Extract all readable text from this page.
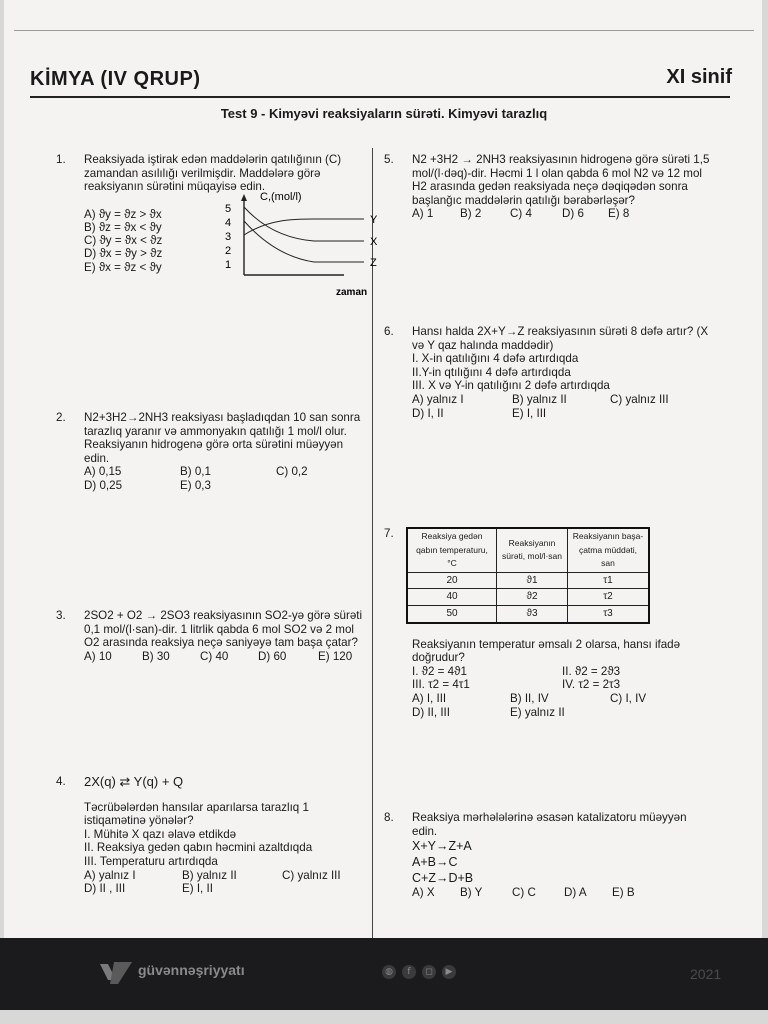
KİMYA (IV QRUP)	XI sinif
Test 9 - Kimyəvi reaksiyaların sürəti. Kimyəvi tarazlıq
1. Reaksiyada iştirak edən maddələrin qatılığının (C) zamandan asılılığı verilmişdir. Maddələrə görə reaksiyanın sürətini müqayisə edin.
A) ϑy = ϑz > ϑx
B) ϑz = ϑx < ϑy
C) ϑy = ϑx < ϑz
D) ϑx = ϑy > ϑz
E) ϑx = ϑz < ϑy
C,(mol/l)
5
4
3
2
1
Y
X
Z
zaman
2. N2+3H2→2NH3 reaksiyası başladıqdan 10 san sonra tarazlıq yaranır və ammonyakın qatılığı 1 mol/l olur. Reaksiyanın hidrogenə görə orta sürətini müəyyən edin.
A) 0,15	B) 0,1	C) 0,2
D) 0,25	E) 0,3
3. 2SO2 + O2 → 2SO3 reaksiyasının SO2-yə görə sürəti 0,1 mol/(l·san)-dir. 1 litrlik qabda 6 mol SO2 və 2 mol O2 arasında reaksiya neçə saniyəyə tam başa çatar?
A) 10	B) 30	C) 40	D) 60	E) 120
4. 2X(q) ⇄ Y(q) + Q
Təcrübələrdən hansılar aparılarsa tarazlıq 1 istiqamətinə yönələr?
I. Mühitə X qazı əlavə etdikdə
II. Reaksiya gedən qabın həcmini azaltdıqda
III. Temperaturu artırdıqda
A) yalnız I	B) yalnız II	C) yalnız III
D) II , III	E) I, II
5. N2 +3H2 → 2NH3 reaksiyasının hidrogenə görə sürəti 1,5 mol/(l·dəq)-dir. Həcmi 1 l olan qabda 6 mol N2 və 12 mol H2 arasında gedən reaksiyada neçə dəqiqədən sonra başlanğıc maddələrin qatılığı bərabərləşər?
A) 1 B) 2 C) 4	D) 6 E) 8
6. Hansı halda 2X+Y→Z reaksiyasının sürəti 8 dəfə artır? (X və Y qaz halında maddədir)
I. X-in qatılığını 4 dəfə artırdıqda
II.Y-in qtılığını 4 dəfə artırdıqda
III. X və Y-in qatılığını 2 dəfə artırdıqda
A) yalnız I	B) yalnız II	C) yalnız III
D) I, II	E) I, III
7.	Reaksiya gedən qabın temperaturu, °C	Reaksiyanın sürəti, mol/l·san	Reaksiyanın başa-çatma müddəti, san
20	ϑ1	τ1
40	ϑ2	τ2
50	ϑ3	τ3
Reaksiyanın temperatur əmsalı 2 olarsa, hansı ifadə doğrudur?
I. ϑ2 = 4ϑ1	II. ϑ2 = 2ϑ3
III. τ2 = 4τ1	IV. τ2 = 2τ3
A) I, III	B) II, IV	C) I, IV
D) II, III	E) yalnız II
8. Reaksiya mərhələlərinə əsasən katalizatoru müəyyən edin.
X+Y→Z+A
A+B→C
C+Z→D+B
A) X B) Y	C) C D) A E) B
güvənnəşriyyatı	◍	f	◻	▶	2021
